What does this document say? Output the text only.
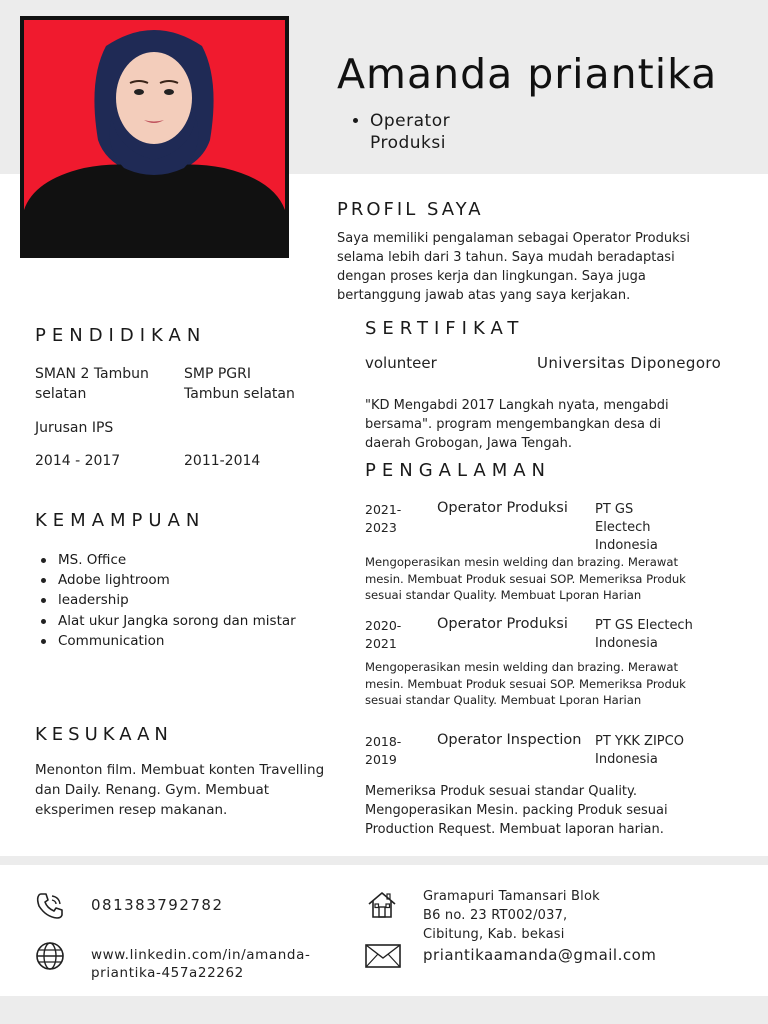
Amanda priantika
• Operator
Produksi
PROFIL SAYA
Saya memiliki pengalaman sebagai Operator Produksi
selama lebih dari 3 tahun. Saya mudah beradaptasi
dengan proses kerja dan lingkungan. Saya juga
bertanggung jawab atas yang saya kerjakan.
PENDIDIKAN
SMAN 2 Tambun
selatan
Jurusan IPS
2014 - 2017
SMP PGRI
Tambun selatan
2011-2014
SERTIFIKAT
volunteer	Universitas Diponegoro
"KD Mengabdi 2017 Langkah nyata, mengabdi
bersama". program mengembangkan desa di
daerah Grobogan, Jawa Tengah.
KEMAMPUAN
MS. Office
Adobe lightroom
leadership
Alat ukur Jangka sorong dan mistar
Communication
KESUKAAN
Menonton film. Membuat konten Travelling
dan Daily. Renang. Gym. Membuat
eksperimen resep makanan.
PENGALAMAN
2021-
2023
Operator Produksi PT GS
Electech
Indonesia
Mengoperasikan mesin welding dan brazing. Merawat
mesin. Membuat Produk sesuai SOP. Memeriksa Produk
sesuai standar Quality. Membuat Lporan Harian
2020-
2021
Operator Produksi PT GS Electech
Indonesia
Mengoperasikan mesin welding dan brazing. Merawat
mesin. Membuat Produk sesuai SOP. Memeriksa Produk
sesuai standar Quality. Membuat Lporan Harian
2018-
2019
Operator Inspection PT YKK ZIPCO
Indonesia
Memeriksa Produk sesuai standar Quality.
Mengoperasikan Mesin. packing Produk sesuai
Production Request. Membuat laporan harian.
081383792782
www.linkedin.com/in/amanda-
priantika-457a22262
Gramapuri Tamansari Blok
B6 no. 23 RT002/037,
Cibitung, Kab. bekasi
priantikaamanda@gmail.com
